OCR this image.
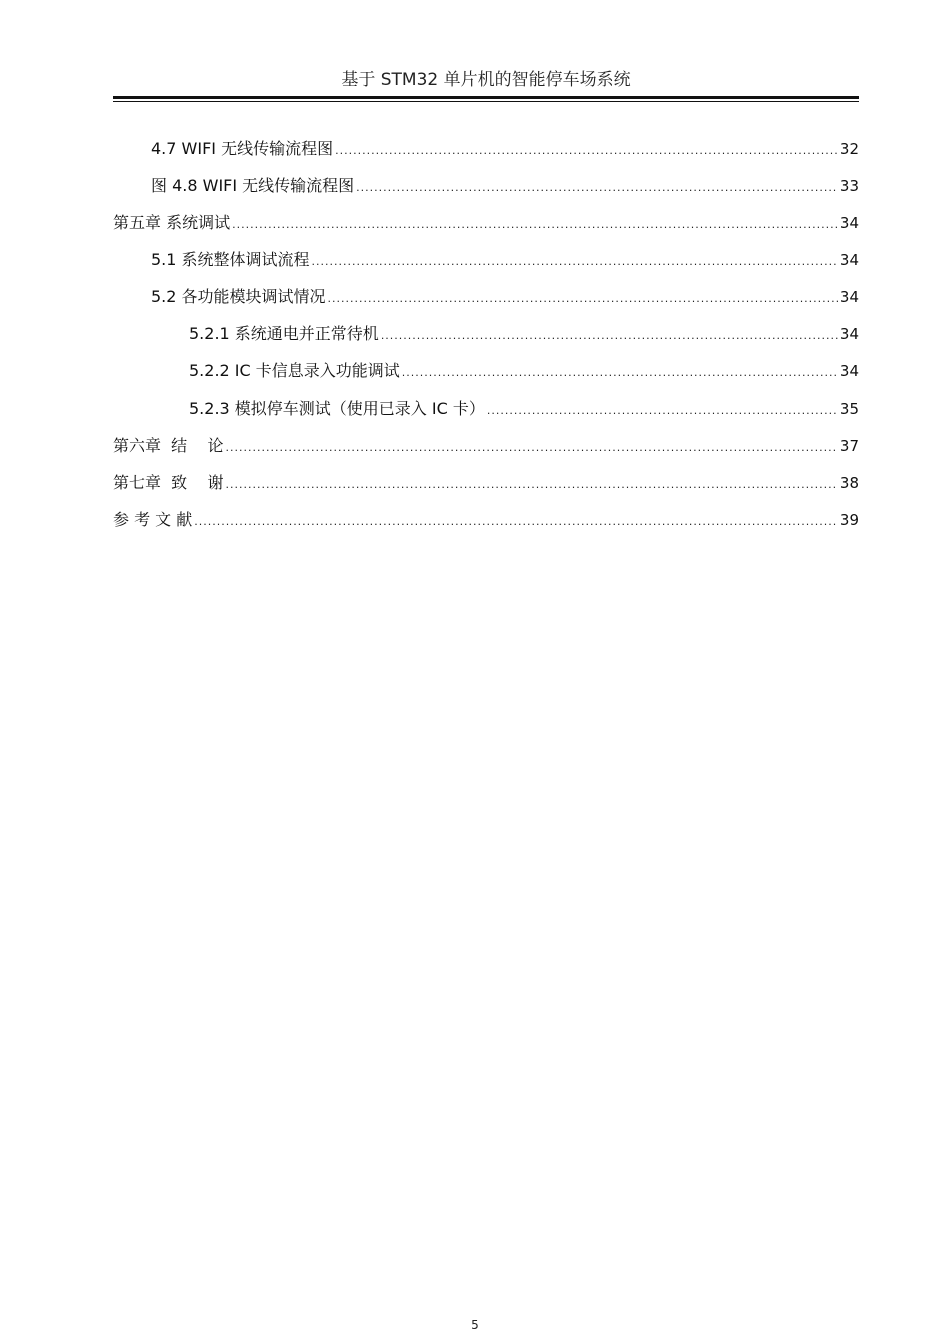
基于 STM32 单片机的智能停车场系统
4.7 WIFI 无线传输流程图 .....	32
图 4.8 WIFI 无线传输流程图 .....	33
第五章 系统调试 .....	34
5.1 系统整体调试流程 .....	34
5.2 各功能模块调试情况 .....	34
5.2.1 系统通电并正常待机 .....	34
5.2.2 IC 卡信息录入功能调试 .....	34
5.2.3 模拟停车测试（使用已录入 IC 卡） .....	35
第六章  结    论 .....	37
第七章  致    谢 .....	38
参 考 文 献 .....	39
5
